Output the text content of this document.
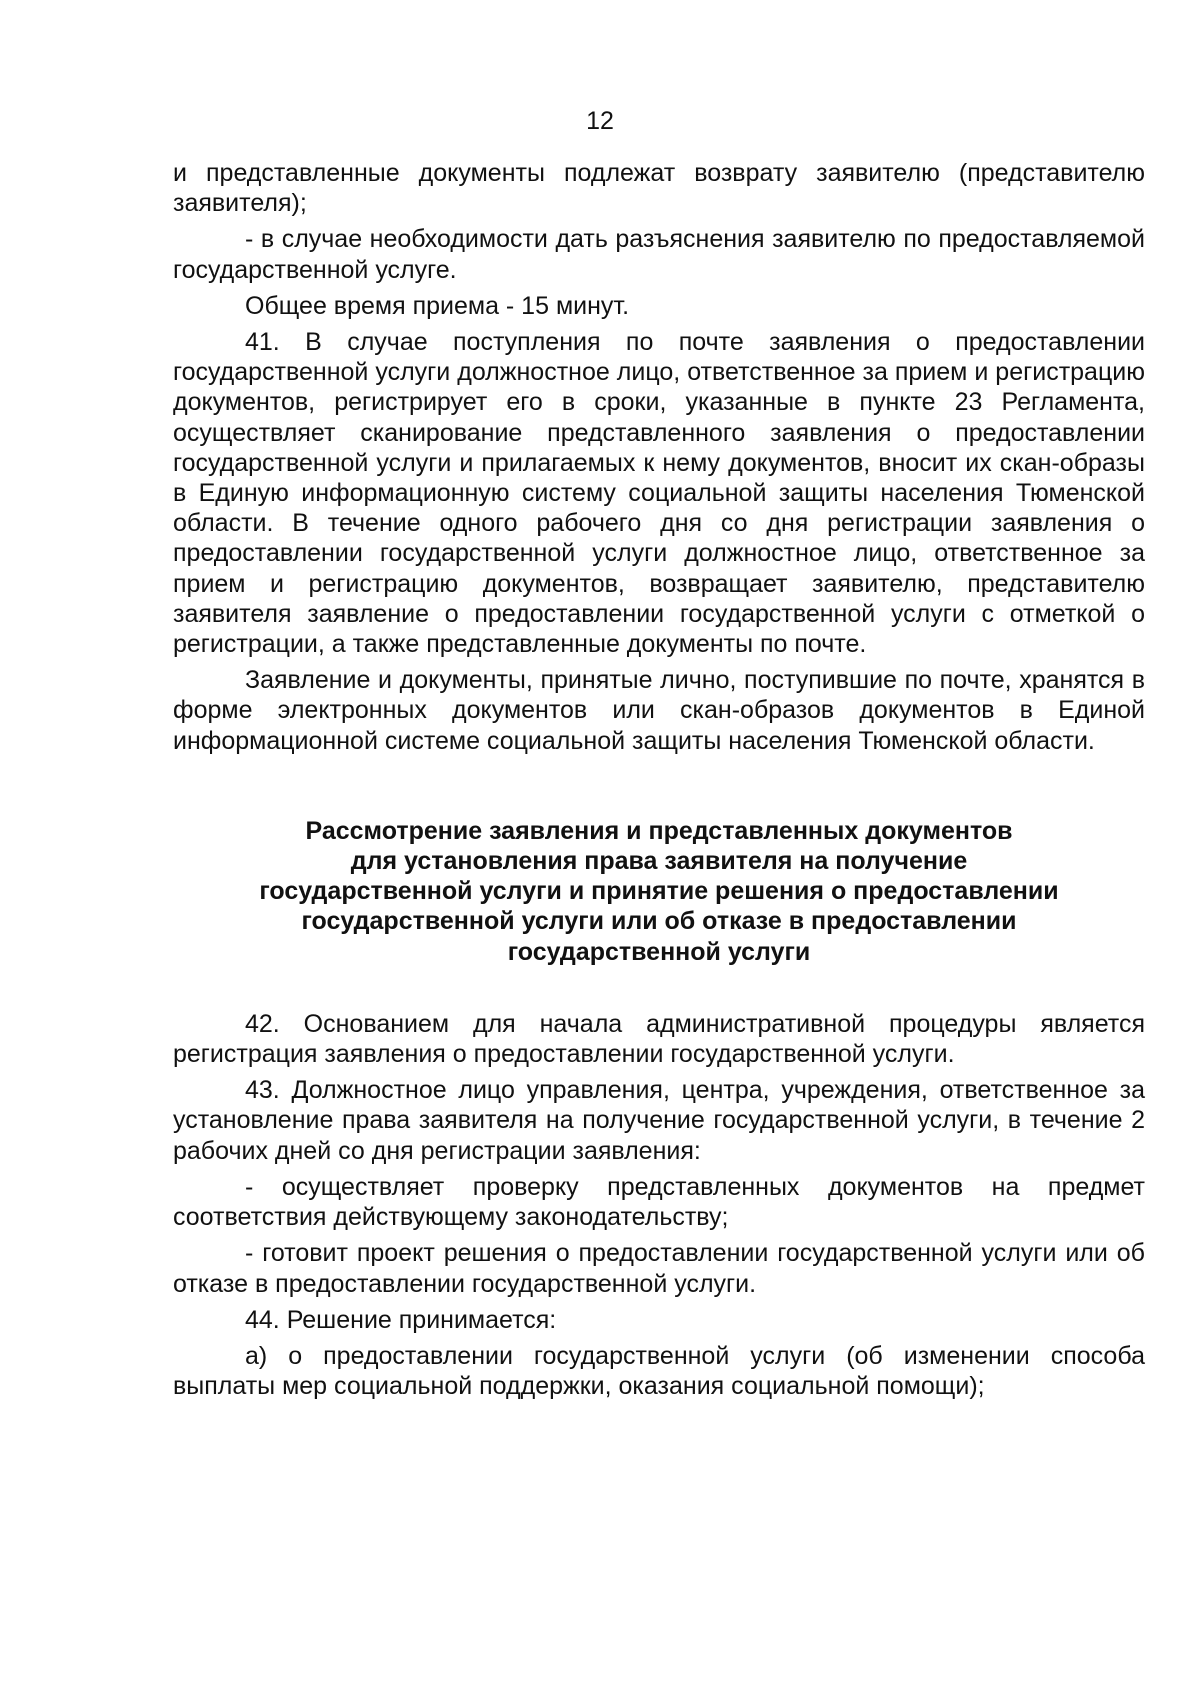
12

и представленные документы подлежат возврату заявителю (представителю заявителя);

- в случае необходимости дать разъяснения заявителю по предоставляемой государственной услуге.

Общее время приема - 15 минут.

41. В случае поступления по почте заявления о предоставлении государственной услуги должностное лицо, ответственное за прием и регистрацию документов, регистрирует его в сроки, указанные в пункте 23 Регламента, осуществляет сканирование представленного заявления о предоставлении государственной услуги и прилагаемых к нему документов, вносит их скан-образы в Единую информационную систему социальной защиты населения Тюменской области. В течение одного рабочего дня со дня регистрации заявления о предоставлении государственной услуги должностное лицо, ответственное за прием и регистрацию документов, возвращает заявителю, представителю заявителя заявление о предоставлении государственной услуги с отметкой о регистрации, а также представленные документы по почте.

Заявление и документы, принятые лично, поступившие по почте, хранятся в форме электронных документов или скан-образов документов в Единой информационной системе социальной защиты населения Тюменской области.

Рассмотрение заявления и представленных документов
для установления права заявителя на получение
государственной услуги и принятие решения о предоставлении
государственной услуги или об отказе в предоставлении
государственной услуги

42. Основанием для начала административной процедуры является регистрация заявления о предоставлении государственной услуги.

43. Должностное лицо управления, центра, учреждения, ответственное за установление права заявителя на получение государственной услуги, в течение 2 рабочих дней со дня регистрации заявления:

- осуществляет проверку представленных документов на предмет соответствия действующему законодательству;

- готовит проект решения о предоставлении государственной услуги или об отказе в предоставлении государственной услуги.

44. Решение принимается:

а) о предоставлении государственной услуги (об изменении способа выплаты мер социальной поддержки, оказания социальной помощи);
